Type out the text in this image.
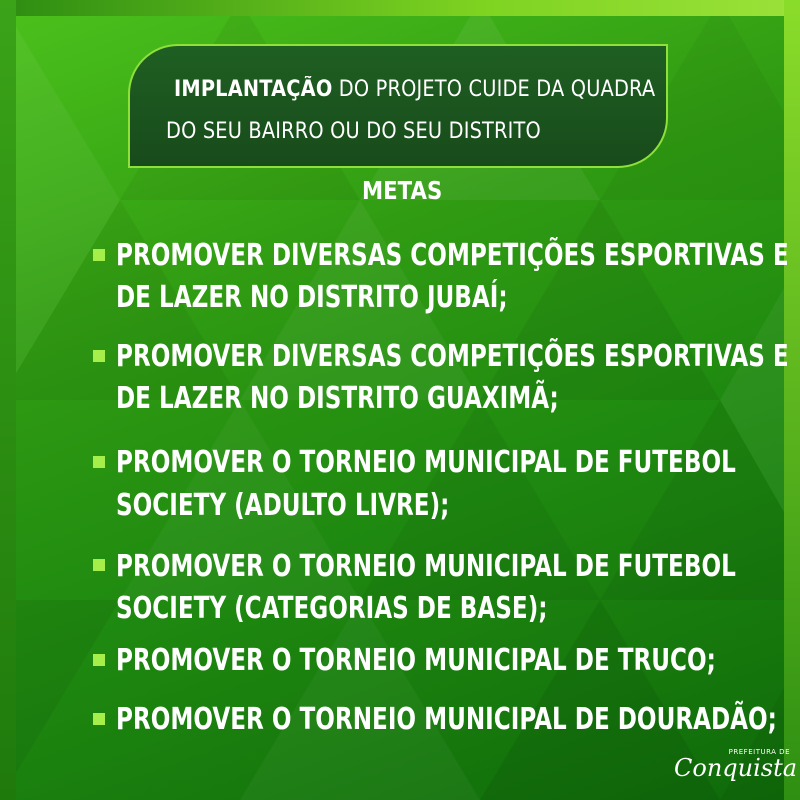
IMPLANTAÇÃO DO PROJETO CUIDE DA QUADRA
DO SEU BAIRRO OU DO SEU DISTRITO
METAS
PROMOVER DIVERSAS COMPETIÇÕES ESPORTIVAS E
DE LAZER NO DISTRITO JUBAÍ;
PROMOVER DIVERSAS COMPETIÇÕES ESPORTIVAS E
DE LAZER NO DISTRITO GUAXIMÃ;
PROMOVER O TORNEIO MUNICIPAL DE FUTEBOL
SOCIETY (ADULTO LIVRE);
PROMOVER O TORNEIO MUNICIPAL DE FUTEBOL
SOCIETY (CATEGORIAS DE BASE);
PROMOVER O TORNEIO MUNICIPAL DE TRUCO;
PROMOVER O TORNEIO MUNICIPAL DE DOURADÃO;
PREFEITURA DE
Conquista
